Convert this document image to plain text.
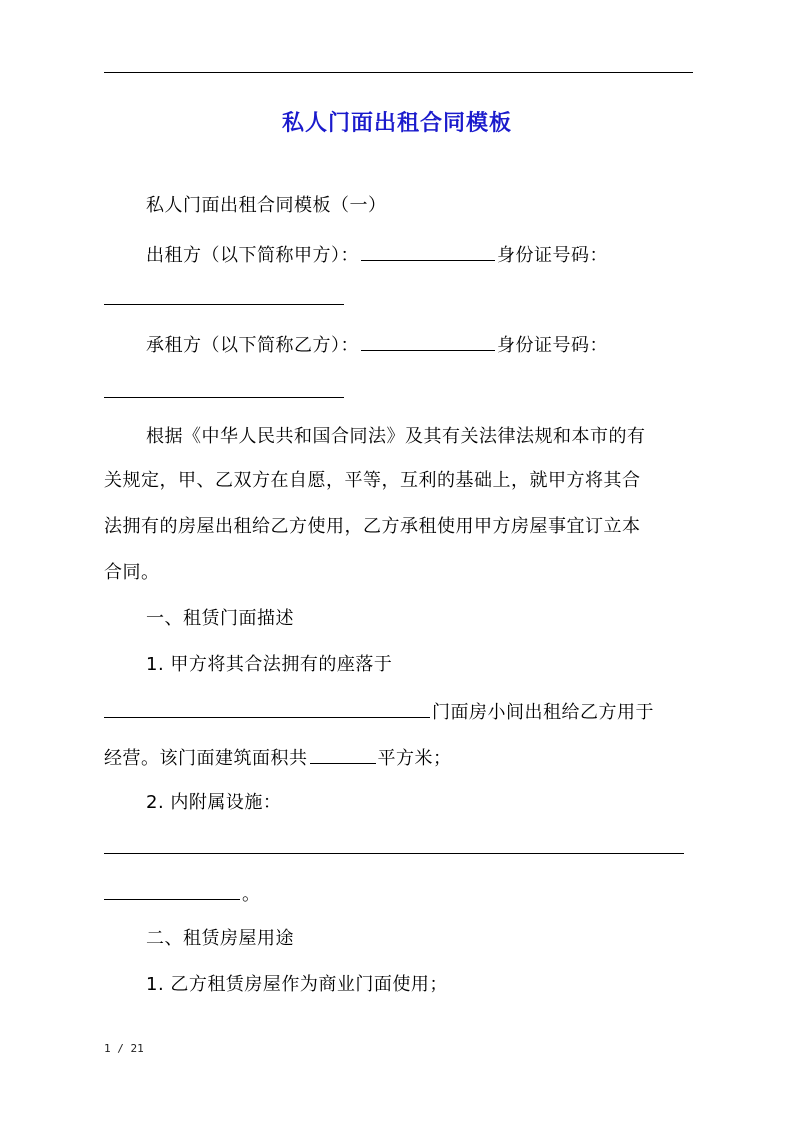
私人门面出租合同模板
私人门面出租合同模板（一）
出租方（以下简称甲方）：	身份证号码：
承租方（以下简称乙方）：	身份证号码：
根据《中华人民共和国合同法》及其有关法律法规和本市的有
关规定，甲、乙双方在自愿，平等，互利的基础上，就甲方将其合
法拥有的房屋出租给乙方使用，乙方承租使用甲方房屋事宜订立本
合同。
一、租赁门面描述
1. 甲方将其合法拥有的座落于
门面房小间出租给乙方用于
经营。该门面建筑面积共	平方米；
2. 内附属设施：
。
二、租赁房屋用途
1. 乙方租赁房屋作为商业门面使用；
1 / 21
